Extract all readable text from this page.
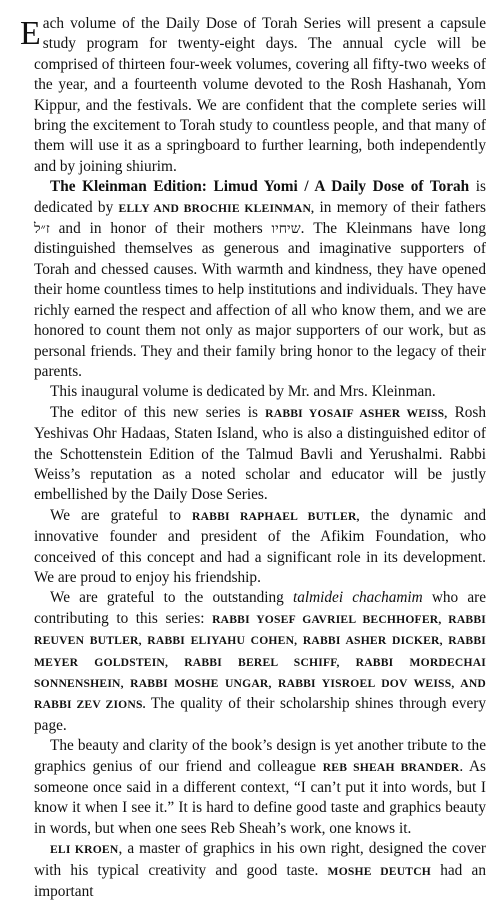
Each volume of the Daily Dose of Torah Series will present a capsule study program for twenty-eight days. The annual cycle will be comprised of thirteen four-week volumes, covering all fifty-two weeks of the year, and a fourteenth volume devoted to the Rosh Hashanah, Yom Kippur, and the festivals. We are confident that the complete series will bring the excitement to Torah study to countless people, and that many of them will use it as a springboard to further learning, both independently and by joining shiurim.

The Kleinman Edition: Limud Yomi / A Daily Dose of Torah is dedicated by ELLY AND BROCHIE KLEINMAN, in memory of their fathers ז״ל and in honor of their mothers שיחיו. The Kleinmans have long distinguished themselves as generous and imaginative supporters of Torah and chessed causes. With warmth and kindness, they have opened their home countless times to help institutions and individuals. They have richly earned the respect and affection of all who know them, and we are honored to count them not only as major supporters of our work, but as personal friends. They and their family bring honor to the legacy of their parents.

This inaugural volume is dedicated by Mr. and Mrs. Kleinman.

The editor of this new series is RABBI YOSAIF ASHER WEISS, Rosh Yeshivas Ohr Hadaas, Staten Island, who is also a distinguished editor of the Schottenstein Edition of the Talmud Bavli and Yerushalmi. Rabbi Weiss’s reputation as a noted scholar and educator will be justly embellished by the Daily Dose Series.

We are grateful to RABBI RAPHAEL BUTLER, the dynamic and innovative founder and president of the Afikim Foundation, who conceived of this concept and had a significant role in its development. We are proud to enjoy his friendship.

We are grateful to the outstanding talmidei chachamim who are contributing to this series: RABBI YOSEF GAVRIEL BECHHOFER, RABBI REUVEN BUTLER, RABBI ELIYAHU COHEN, RABBI ASHER DICKER, RABBI MEYER GOLDSTEIN, RABBI BEREL SCHIFF, RABBI MORDECHAI SONNENSHEIN, RABBI MOSHE UNGAR, RABBI YISROEL DOV WEISS, AND RABBI ZEV ZIONS. The quality of their scholarship shines through every page.

The beauty and clarity of the book’s design is yet another tribute to the graphics genius of our friend and colleague REB SHEAH BRANDER. As someone once said in a different context, “I can’t put it into words, but I know it when I see it.” It is hard to define good taste and graphics beauty in words, but when one sees Reb Sheah’s work, one knows it.

ELI KROEN, a master of graphics in his own right, designed the cover with his typical creativity and good taste. MOSHE DEUTCH had an important
